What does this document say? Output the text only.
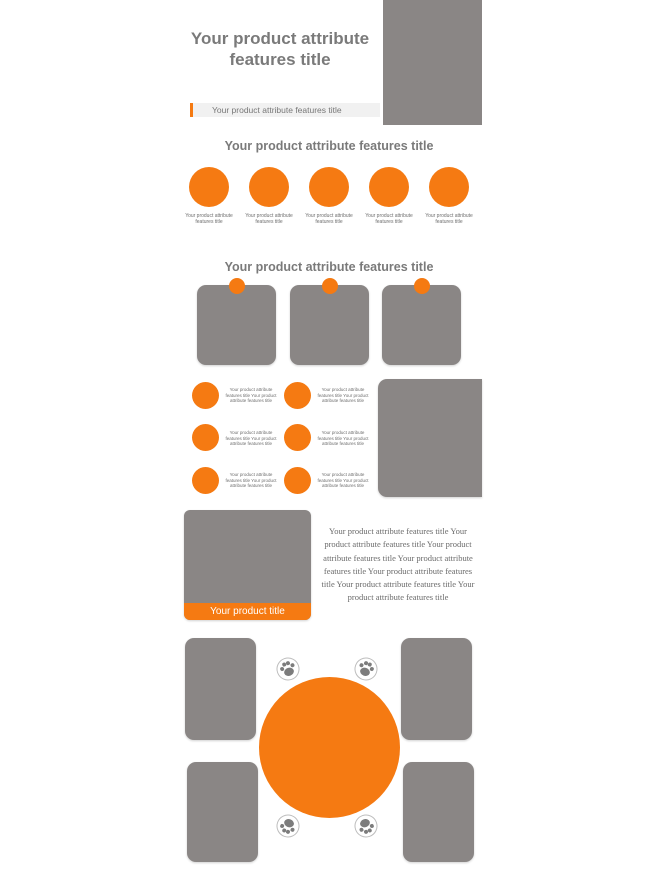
Your product attribute features title
Your product attribute features title
Your product attribute features title
Your product attribute features title
Your product attribute features title
Your product attribute features title
Your product attribute features title
Your product attribute features title
Your product attribute features title
Your product attribute features title Your product attribute features title
Your product attribute features title Your product attribute features title
Your product attribute features title Your product attribute features title
Your product attribute features title Your product attribute features title
Your product attribute features title Your product attribute features title
Your product attribute features title Your product attribute features title
Your product title
Your product attribute features title Your product attribute features title Your product attribute features title Your product attribute features title Your product attribute features title Your product attribute features title Your product attribute features title
